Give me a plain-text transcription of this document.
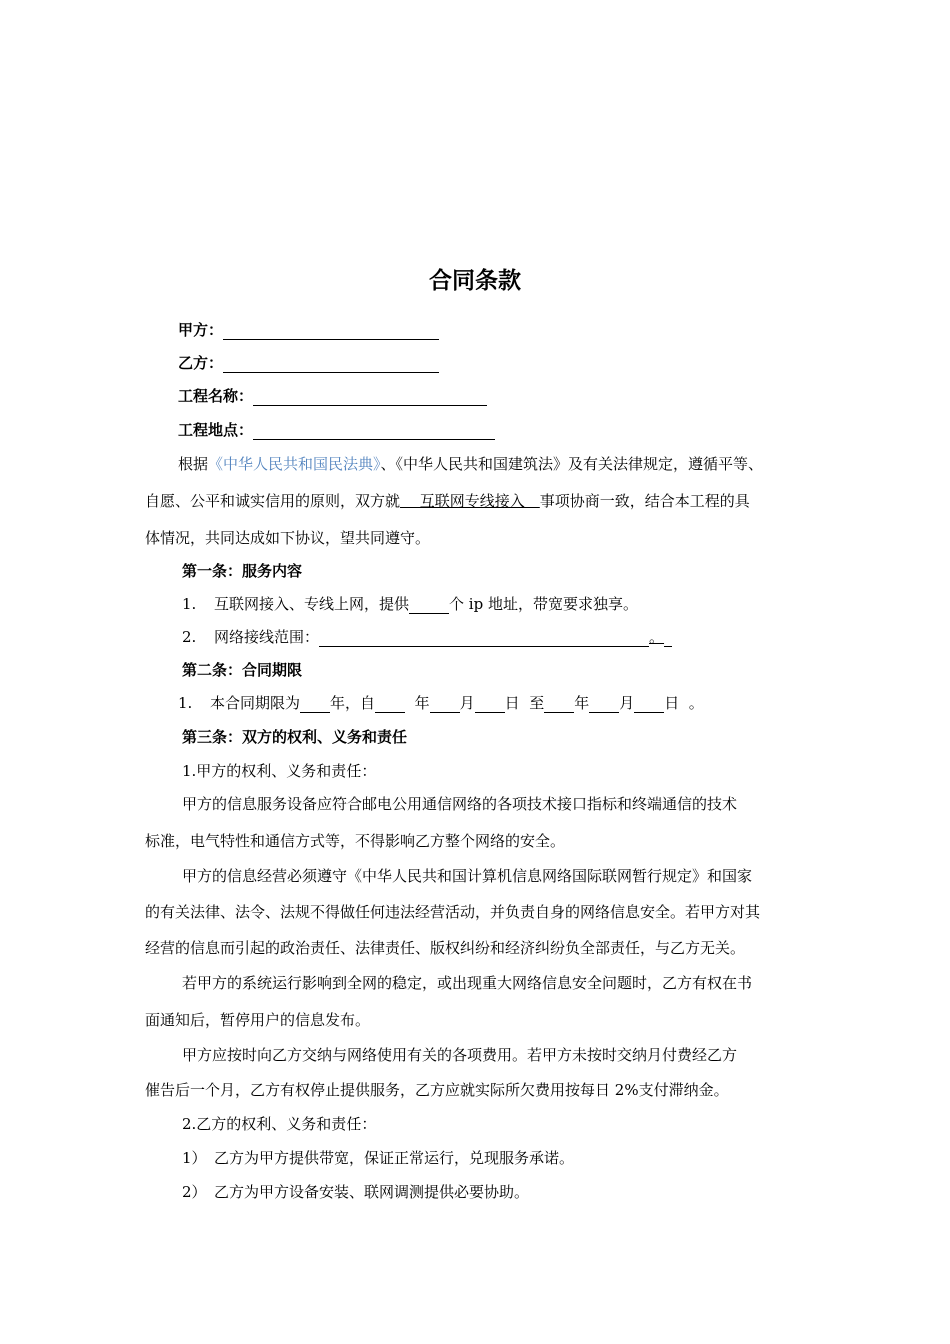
合同条款
甲方：
乙方：
工程名称：
工程地点：
根据《中华人民共和国民法典》、《中华人民共和国建筑法》及有关法律规定，遵循平等、
自愿、公平和诚实信用的原则，双方就　 互联网专线接入　事项协商一致，结合本工程的具
体情况，共同达成如下协议，望共同遵守。
第一条：服务内容
1. 互联网接入、专线上网，提供	个 ip 地址，带宽要求独享。
2. 网络接线范围：	。
第二条：合同期限
1. 本合同期限为 年，自	年 月 日 至 年 月 日 。
第三条：双方的权利、义务和责任
1.甲方的权利、义务和责任：
甲方的信息服务设备应符合邮电公用通信网络的各项技术接口指标和终端通信的技术
标准，电气特性和通信方式等，不得影响乙方整个网络的安全。
甲方的信息经营必须遵守《中华人民共和国计算机信息网络国际联网暂行规定》和国家
的有关法律、法令、法规不得做任何违法经营活动，并负责自身的网络信息安全。若甲方对其
经营的信息而引起的政治责任、法律责任、版权纠纷和经济纠纷负全部责任，与乙方无关。
若甲方的系统运行影响到全网的稳定，或出现重大网络信息安全问题时，乙方有权在书
面通知后，暂停用户的信息发布。
甲方应按时向乙方交纳与网络使用有关的各项费用。若甲方未按时交纳月付费经乙方
催告后一个月，乙方有权停止提供服务，乙方应就实际所欠费用按每日 2%支付滞纳金。
2.乙方的权利、义务和责任：
1） 乙方为甲方提供带宽，保证正常运行，兑现服务承诺。
2） 乙方为甲方设备安装、联网调测提供必要协助。
